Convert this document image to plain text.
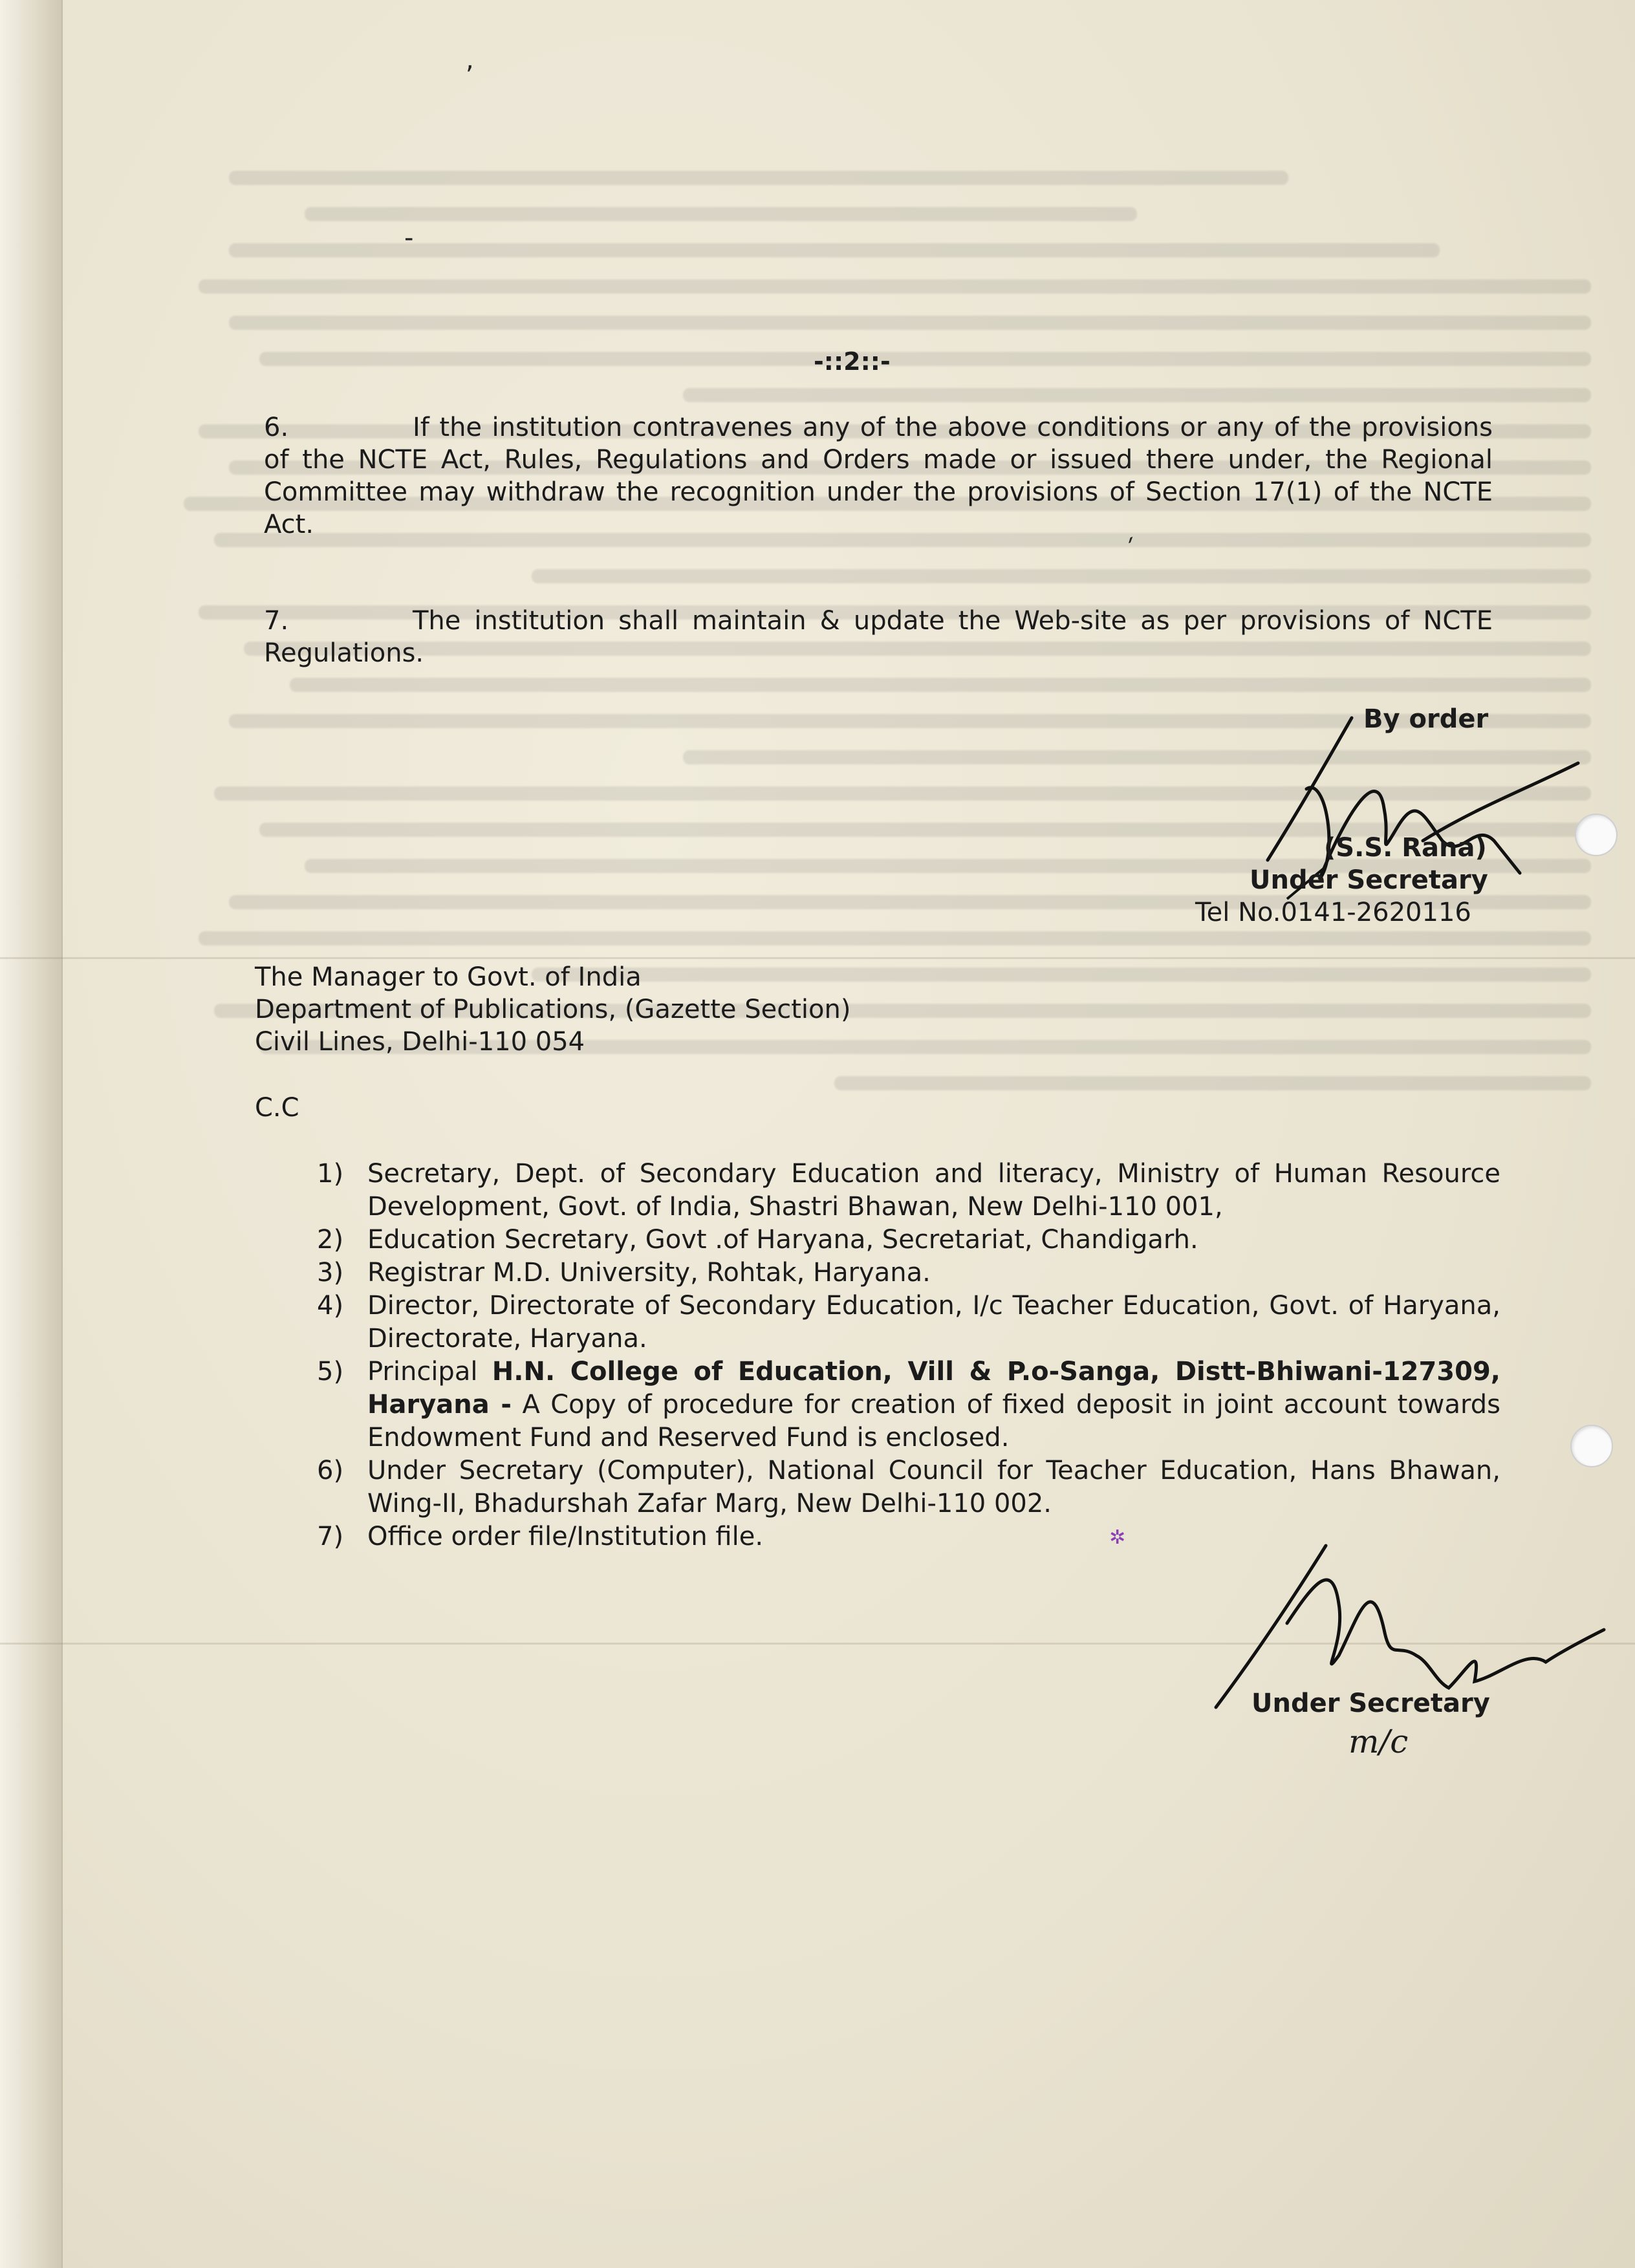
-::2::-
6.	If the institution contravenes any of the above conditions or any of the provisions of the NCTE Act, Rules, Regulations and Orders made or issued there under, the Regional Committee may withdraw the recognition under the provisions of Section 17(1) of the NCTE Act.
7.	The institution shall maintain & update the Web-site as per provisions of NCTE Regulations.
By order
(S.S. Rana)
Under Secretary
Tel No.0141-2620116
The Manager to Govt. of India
Department of Publications, (Gazette Section)
Civil Lines, Delhi-110 054
C.C
1) Secretary, Dept. of Secondary Education and literacy, Ministry of Human Resource Development, Govt. of India, Shastri Bhawan, New Delhi-110 001,
2) Education Secretary, Govt .of Haryana, Secretariat, Chandigarh.
3) Registrar M.D. University, Rohtak, Haryana.
4) Director, Directorate of Secondary Education, I/c Teacher Education, Govt. of Haryana, Directorate, Haryana.
5) Principal H.N. College of Education, Vill & P.o-Sanga, Distt-Bhiwani-127309, Haryana - A Copy of procedure for creation of fixed deposit in joint account towards Endowment Fund and Reserved Fund is enclosed.
6) Under Secretary (Computer), National Council for Teacher Education, Hans Bhawan, Wing-II, Bhadurshah Zafar Marg, New Delhi-110 002.
7) Office order file/Institution file.
Under Secretary
m/c
,
-
ˏ
✲
